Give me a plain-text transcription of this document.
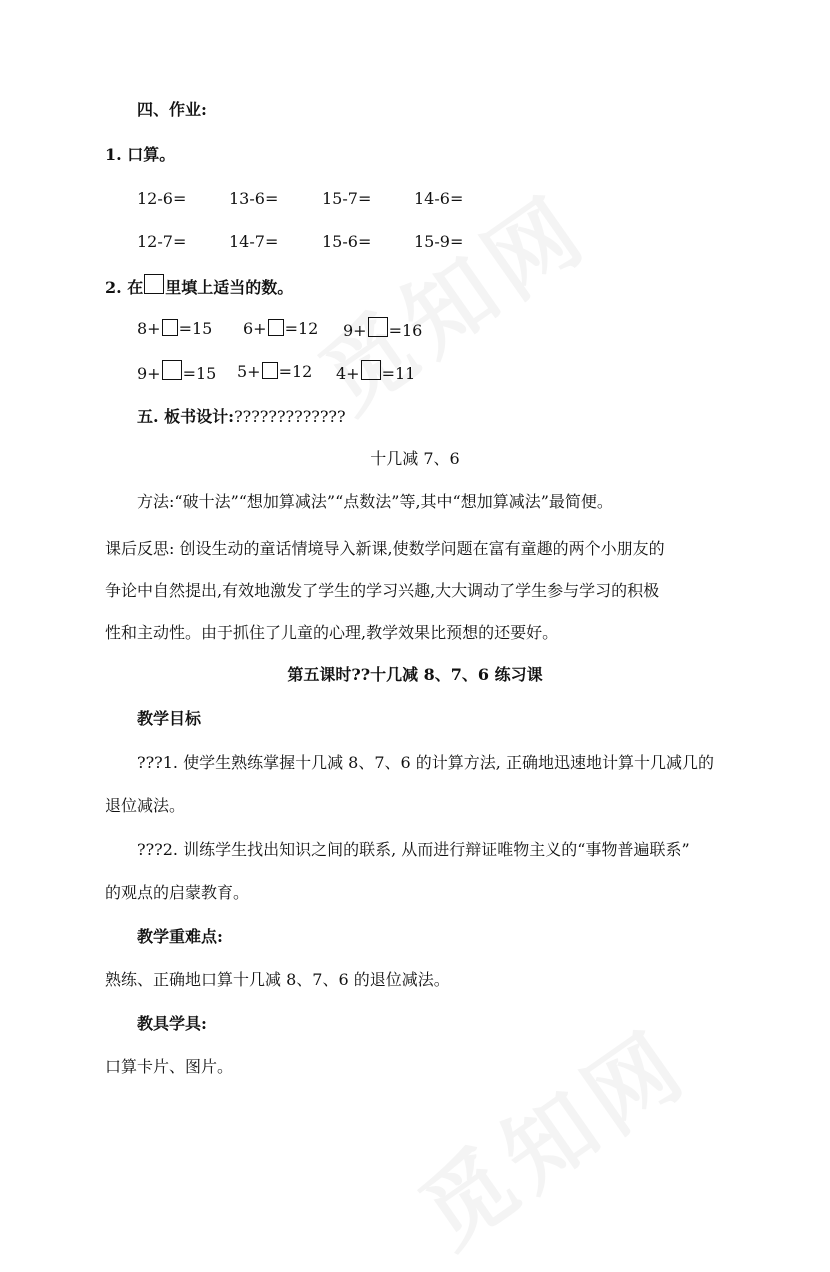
四、作业:
1. 口算。
12-6=	13-6=	15-7=	14-6=
12-7=	14-7=	15-6=	15-9=
2. 在 里填上适当的数。
8+ =15 6+ =12 9+ =16
9+ =15 5+ =12 4+ =11
五. 板书设计:?????????????
十几减 7、6
方法:“破十法”“想加算减法”“点数法”等,其中“想加算减法”最简便。
课后反思: 创设生动的童话情境导入新课,使数学问题在富有童趣的两个小朋友的
争论中自然提出,有效地激发了学生的学习兴趣,大大调动了学生参与学习的积极
性和主动性。由于抓住了儿童的心理,教学效果比预想的还要好。
第五课时??十几减 8、7、6 练习课
教学目标
???1. 使学生熟练掌握十几减 8、7、6 的计算方法, 正确地迅速地计算十几减几的
退位减法。
???2. 训练学生找出知识之间的联系, 从而进行辩证唯物主义的“事物普遍联系”
的观点的启蒙教育。
教学重难点:
熟练、正确地口算十几减 8、7、6 的退位减法。
教具学具:
口算卡片、图片。
